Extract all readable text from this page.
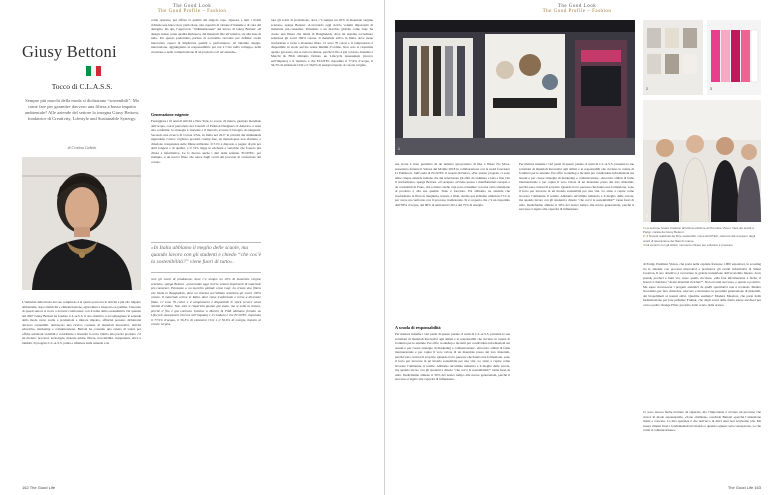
The Good Look
The Good Profile – Fashion
Giusy Bettoni
Tocco di C.L.A.S.S.
Sempre più marchi della moda si dichiarano “sostenibili”. Ma come fare per garantire davvero una filiera a basso impatto ambientale? Alle aziende del settore lo insegna Giusy Bettoni, fondatrice di Creativity, Lifestyle and Sustainable Synergy.
di Cristina Gabetti
L’industria della moda nel suo complesso è al quarto posto tra le attività a più alto impatto ambientale, dopo elettricità e climatizzazione, agricoltura e trasporto su gomma. Ciascuno di questi settori si trova a doversi confrontare con il tema della sostenibilità. Da quando nel 2007 Giusy Bettoni ha fondato C.L.A.S.S. il suo obiettivo è accompagnare le aziende della moda verso scelte e produzioni a minore impatto, affinché possano dichiararsi davvero sostenibili. Attraverso una ricerca costante di materiali innovativi, attività educative, marketing e comunicazione, Bettoni ha costruito una catena di valori per offrire soluzioni scalabili e contribuire a invertire la rotta. Dietro alla parola prodotto c’è un mondo: processi, tecnologie, materie prime, filiere, tracciabilità, trasparenza, etica e identità. Il progetto C.L.A.S.S. punta a riflettere sulle aziende e su
come operano, per offrire la qualità del singolo capo. Operare a tutti i livelli richiede una know-how particolare, una capacità di visione d’insieme e di cura del dettaglio. Da qui, l’approccio “tridimensionale” del lavoro di Giusy Bettoni: «Il design, inteso come qualità intrinseca, dei materiali fino all’estetica, sta alla base di tutto. Per questo preferiamo parlare di economia circolare per definire scelte innovative capaci di migliorare qualità e performance. Al binomio design-innovazione, aggiungiamo la responsabilità: per noi è l’abc nello sviluppo, nella creazione e nella comunicazione di un prodotto e di un’azienda».
Generazione esigente
Festeggiare i 10 anni di attività a New York, lo scorso 22 marzo, giornata mondiale dell’acqua, con il patrocinio del Council of Fashion Designers of America, è stata una conferma: la strategia è vincente e il mercato avverte il bisogno di adeguarsi. Secondo una ricerca di Cotton USA, in Italia nel 2017 le priorità dei millennials riguardano l’etica: vogliono prodotti cruelty-free, da manodopera non sfruttata, e chiedono trasparenza sulle filiere utilizzate. Il 51% è disposto a pagare di più per abiti longevi e di qualità, e il 74% legge le etichette e verrebbe che fossero più chiare e informative. Ce lo dicono anche i dati delle aziende. ECOTEC, per esempio, è un nuovo filato che nasce dagli scarti dei processi di confezione del cotone.
«In Italia abbiamo il meglio delle scuole, ma quando lavoro con gli studenti e chiedo “che cos’è la sostenibilità?” viene fuori di tutto».
rare gli scarti di produzione, dove c’è sempre un 20% di materiale vergine scartato» spiega Bettoni. «Lavorando oggi riciclo volumi importanti di materiale pre-consumer. Pensiamo a un marchio globale come Gap: ha creato una filiera che inizia in Bangladesh, dove un sistema accreditato seleziona gli scarti 100% cotone. Il materiale arriva in Italia, dove viene trasformato e torna a diventare filato. Ci sono 70 colori e il campionario è disponibile in stock service senza minimi d’ordine. Non solo si risparmia quanto già usato, ma si evita la tintura, perché il filo è già colorato. Insieme a Marchi & Fildi abbiamo firmato un Lifecycle Assessment (ricerca sull’impatto) e il risultato è che ECOTEC risparmia il 77,9% d’acqua, il 56,3% di emissioni CO2 e il 56,6% di energia rispetto al cotone vergine.
rare gli scarti di produzione, dove c’è sempre un 20% di materiale vergine scartato» spiega Bettoni. «Lavorando oggi riciclo volumi importanti di materiale pre-consumer. Pensiamo a un marchio globale come Gap: ha creato una filiera che inizia in Bangladesh, dove un sistema accreditato seleziona gli scarti 100% cotone. Il materiale arriva in Italia, dove viene trasformato e torna a diventare filato. Ci sono 70 colori e il campionario è disponibile in stock service senza minimi d’ordine. Non solo si risparmia quanto già usato, ma si evita la tintura, perché il filo è già colorato. Insieme a Marchi & Fildi abbiamo firmato un Lifecycle Assessment (ricerca sull’impatto) e il risultato è che ECOTEC risparmia il 77,9% d’acqua, il 56,3% di emissioni CO2 e il 56,6% di energia rispetto al cotone vergine.
162 The Good Life
The Good Look
The Good Profile – Fashion
1
2	3
4
1 La sezione Smart Creation all’ultima edizione di Première Vision, fiera dei tessili a Parigi, curata da Giusy Bettoni.
2, 3 Tessuti realizzati da fibre sostenibili, come ECOTEC, ottenuto dal recupero degli scarti di lavorazione dei filati di cotone.
4 Gli incontri con gli stilisti, momento chiave per educare e processi.
sue storie è stato premiato da un numero spropositato di like a Waste No More, presentato durante il Salone del Mobile 2018 in collaborazione con la trend forecaster Li Edelkoort. Sull’onda di ECOTEC il tessuto ReVerso. «Per questo progetto ci sono unite cinque aziende italiane che dal selezionare gli abiti di cashmere e lana a fine vita li trasformano» spiega Bettoni. «Il recupero avviene presso i manifatturieri europei e da consulenti di Prato, che tornano anche capi post-consumer con una certa attenzione al prodotto e alla sua qualità. Tutto è tracciato. Poi abbiamo tre aziende che trasformano le fibre in maglieria, tessuti, e filati. Anche qui abbiamo utilizzato l’LCA per avere un confronto con il processo tradizionale. Si è scoperto che c’è un risparmio dell’89% d’acqua, del 96% di emissioni CO2 e del 75% di energia.
A scuola di responsabilità
Per mettere insieme i vari pezzi di questo puzzle, il team di C.L.A.S.S. presenta le sue soluzioni di materiali innovativi agli stilisti e ai responsabili che avviano la catena di fornitura per le aziende. Per offre workshop e incontri per condividere informazioni sui tessuti e per creare strategie di marketing e comunicazione. «Incontro stilisti di fama internazionale e per capire il vero valore di un materiale passo dei loro materiali, perché sono curiosi di scoprire. Quando trovo persone che hanno una formazione, sono il ferro per lavorare in un mondo sostenibile per una vita. Lo aiuto a capire come lavorare l’ambiente, il tessile. Abbiamo un’ultima industria e il meglio delle scuole, ma quando lavoro con gli studenti e chiedo “che cos’è la sostenibilità?” viene fuori di tutto. Dedichiamo almeno il 30% del nostro tempo alle nuove generazioni, perché il successo è legato alla capacità di influenzare.
Per mettere insieme i vari pezzi di questo puzzle, il team di C.L.A.S.S. presenta le sue soluzioni di materiali innovativi agli stilisti e ai responsabili che avviano la catena di fornitura per le aziende. Per offre workshop e incontri per condividere informazioni sui tessuti e per creare strategie di marketing e comunicazione. «Incontro stilisti di fama internazionale e per capire il vero valore di un materiale passo dei loro materiali, perché sono curiosi di scoprire. Quando trovo persone che hanno una formazione, sono il ferro per lavorare in un mondo sostenibile per una vita. Lo aiuto a capire come lavorare l’ambiente, il tessile. Abbiamo un’ultima industria e il meglio delle scuole, ma quando lavoro con gli studenti e chiedo “che cos’è la sostenibilità?” viene fuori di tutto. Dedichiamo almeno il 30% del nostro tempo alle nuove generazioni, perché il successo è legato alla capacità di influenzare.
di Parigi, Première Vision, che porta nella capitale francese 1.900 espositori, la scouting tra le aziende con processi innovativi e promuove gli eventi informativi di Smart Creation. Il suo obiettivo è raccontare la grande transizione dall’economia lineare, dove prendi, produci e butti via, verso quella circolare. «Ma fare informazione è facile, il brand ci chiedono “Avete materiali riciclati?”. Non era mai successo, e questo è positivo. Ma saper riconoscere i progetti autentici da quelli speculativi non è scontato. Mentre lavoriamo per fare chiarezza, nascono e inventano la prossima generazione di materiali, dai biopolimeri ai tessuti attivi. Qualche esempio? Modern Meadow, che parte dalla fermentazione per fare pellame; Frumat, che dagli scarti della frutta estrae zuccheri per carta e pelle; Orange Fiber, prodotto dallo scarto delle arance.
Ci sono ancora molte barriere da superare, ma l’importante è avviare un processo che cresca in modo esponenziale. «Sono ottimista» conclude Bettoni «perché l’attenzione inizia a crescere. La mia speranza è che nell’arco di dieci anni non serviremo più. Ma essere rimasti fuori i fondamentali nel mondo e quando ognuno sarà consapevole, so che come il comunicazione».
The Good Life 163
